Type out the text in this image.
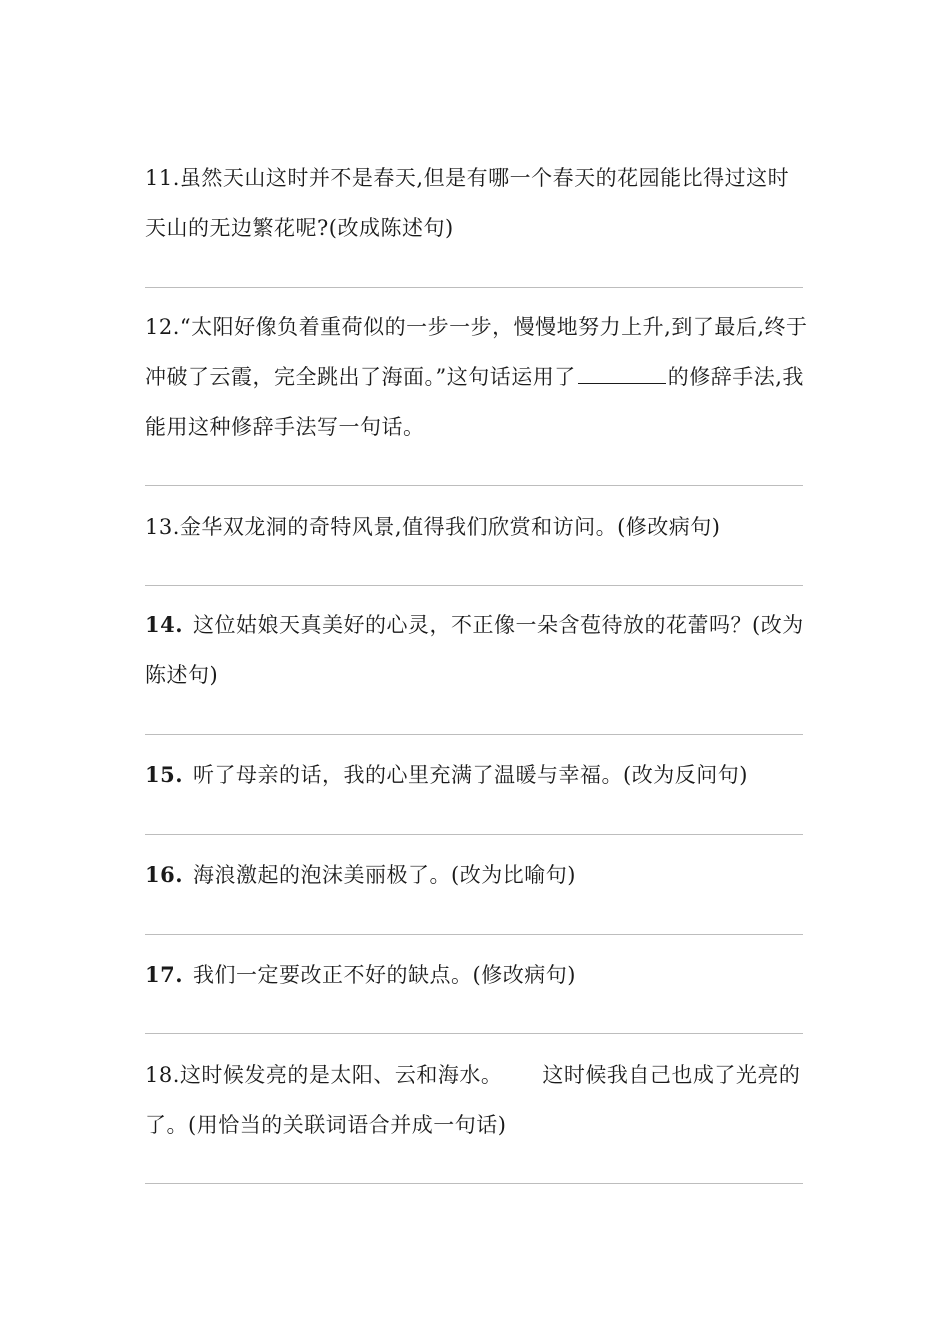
11.虽然天山这时并不是春天,但是有哪一个春天的花园能比得过这时天山的无边繁花呢?(改成陈述句)

12.“太阳好像负着重荷似的一步一步，慢慢地努力上升,到了最后,终于冲破了云霞，完全跳出了海面。”这句话运用了	的修辞手法,我能用这种修辞手法写一句话。

13.金华双龙洞的奇特风景,值得我们欣赏和访问。(修改病句)

14. 这位姑娘天真美好的心灵，不正像一朵含苞待放的花蕾吗？(改为陈述句)

15. 听了母亲的话，我的心里充满了温暖与幸福。(改为反问句)

16. 海浪激起的泡沫美丽极了。(改为比喻句)

17. 我们一定要改正不好的缺点。(修改病句)

18.这时候发亮的是太阳、云和海水。 这时候我自己也成了光亮的了。(用恰当的关联词语合并成一句话)
